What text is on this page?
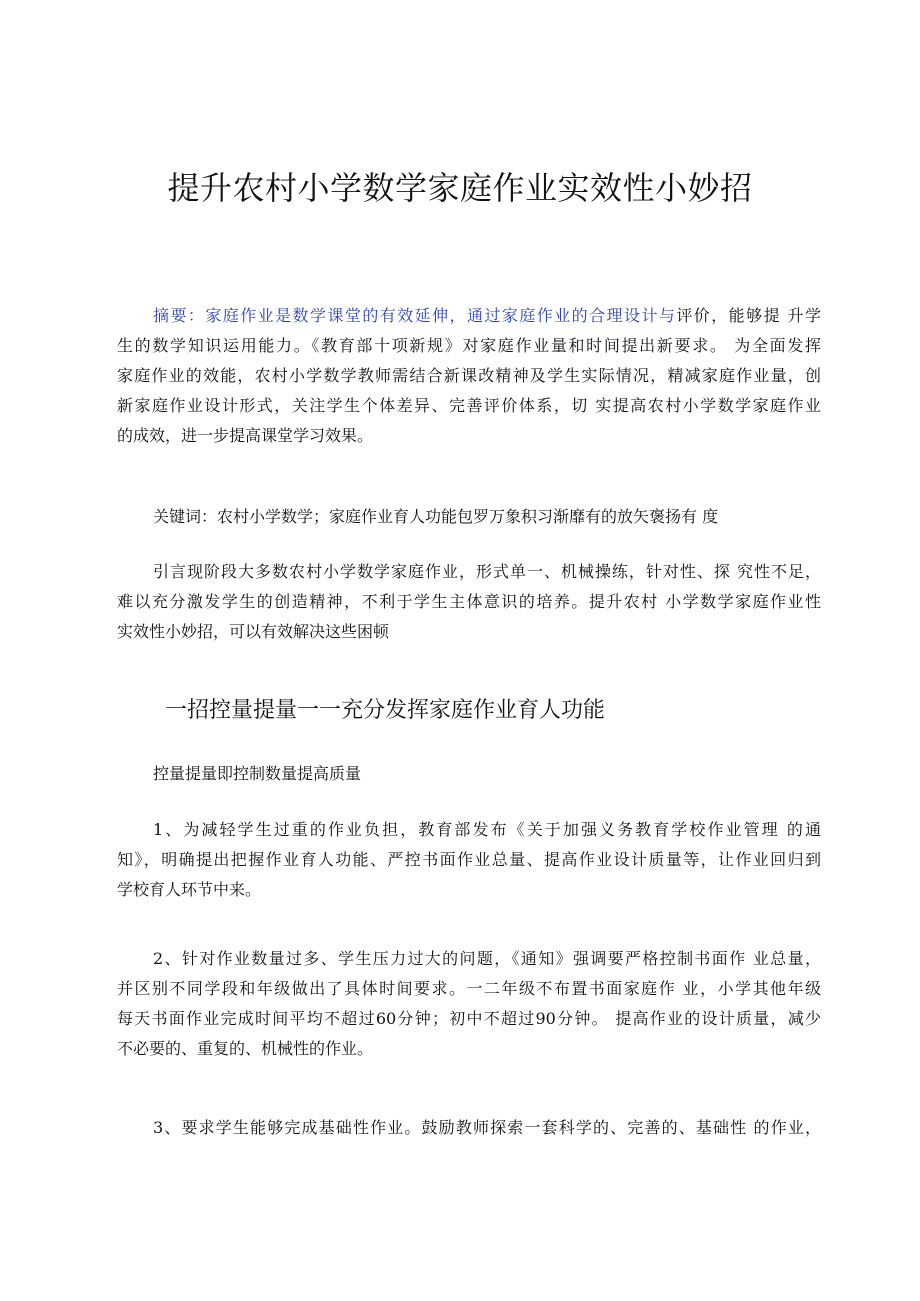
提升农村小学数学家庭作业实效性小妙招
摘要：家庭作业是数学课堂的有效延伸，通过家庭作业的合理设计与评价，能够提 升学
生的数学知识运用能力。《教育部十项新规》对家庭作业量和时间提出新要求。 为全面发挥
家庭作业的效能，农村小学数学教师需结合新课改精神及学生实际情况，精减家庭作业量，创
新家庭作业设计形式，关注学生个体差异、完善评价体系，切 实提高农村小学数学家庭作业
的成效，进一步提高课堂学习效果。

关键词：农村小学数学；家庭作业育人功能包罗万象积习渐靡有的放矢褒扬有 度

引言现阶段大多数农村小学数学家庭作业，形式单一、机械操练，针对性、探 究性不足，
难以充分激发学生的创造精神，不利于学生主体意识的培养。提升农村 小学数学家庭作业性
实效性小妙招，可以有效解决这些困顿
一招控量提量一一充分发挥家庭作业育人功能

控量提量即控制数量提高质量

1、为减轻学生过重的作业负担，教育部发布《关于加强义务教育学校作业管理 的通
知》，明确提出把握作业育人功能、严控书面作业总量、提高作业设计质量等，让作业回归到
学校育人环节中来。
2、针对作业数量过多、学生压力过大的问题，《通知》强调要严格控制书面作 业总量，
并区别不同学段和年级做出了具体时间要求。一二年级不布置书面家庭作 业，小学其他年级
每天书面作业完成时间平均不超过60分钟；初中不超过90分钟。 提高作业的设计质量，减少
不必要的、重复的、机械性的作业。
3、要求学生能够完成基础性作业。鼓励教师探索一套科学的、完善的、基础性 的作业，
